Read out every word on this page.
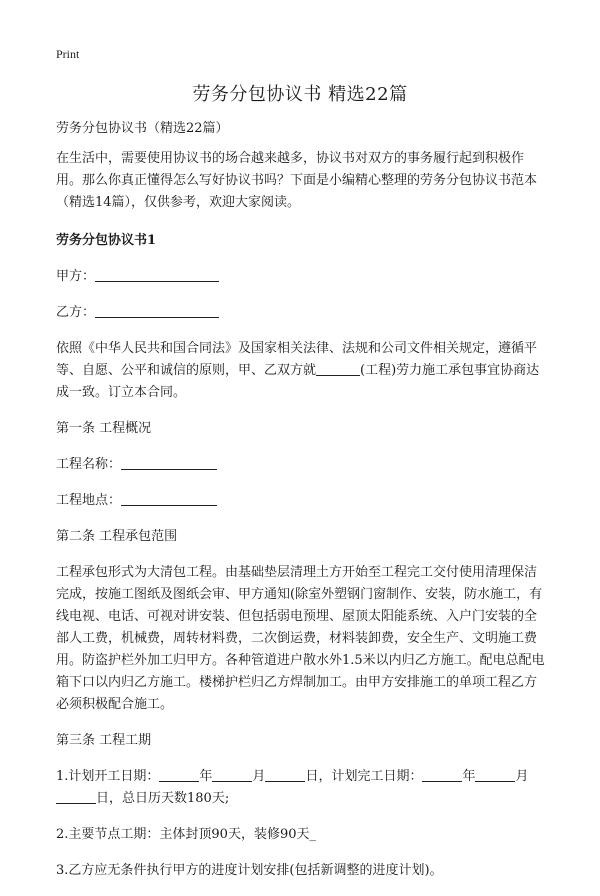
Print
劳务分包协议书 精选22篇

劳务分包协议书（精选22篇）

在生活中，需要使用协议书的场合越来越多，协议书对双方的事务履行起到积极作用。那么你真正懂得怎么写好协议书吗？下面是小编精心整理的劳务分包协议书范本（精选14篇），仅供参考，欢迎大家阅读。

劳务分包协议书1

甲方：

乙方：

依照《中华人民共和国合同法》及国家相关法律、法规和公司文件相关规定，遵循平等、自愿、公平和诚信的原则，甲、乙双方就	(工程)劳力施工承包事宜协商达成一致。订立本合同。

第一条 工程概况

工程名称：

工程地点：

第二条 工程承包范围

工程承包形式为大清包工程。由基础垫层清理土方开始至工程完工交付使用清理保洁完成，按施工图纸及图纸会审、甲方通知(除室外塑钢门窗制作、安装，防水施工，有线电视、电话、可视对讲安装、但包括弱电预埋、屋顶太阳能系统、入户门安装的全部人工费，机械费，周转材料费，二次倒运费，材料装卸费，安全生产、文明施工费用。防盗护栏外加工归甲方。各种管道进户散水外1.5米以内归乙方施工。配电总配电箱下口以内归乙方施工。楼梯护栏归乙方焊制加工。由甲方安排施工的单项工程乙方必须积极配合施工。

第三条 工程工期

1.计划开工日期：	年	月	日，计划完工日期：	年	月日，总日历天数180天;

2.主要节点工期：主体封顶90天，装修90天_

3.乙方应无条件执行甲方的进度计划安排(包括新调整的进度计划)。
